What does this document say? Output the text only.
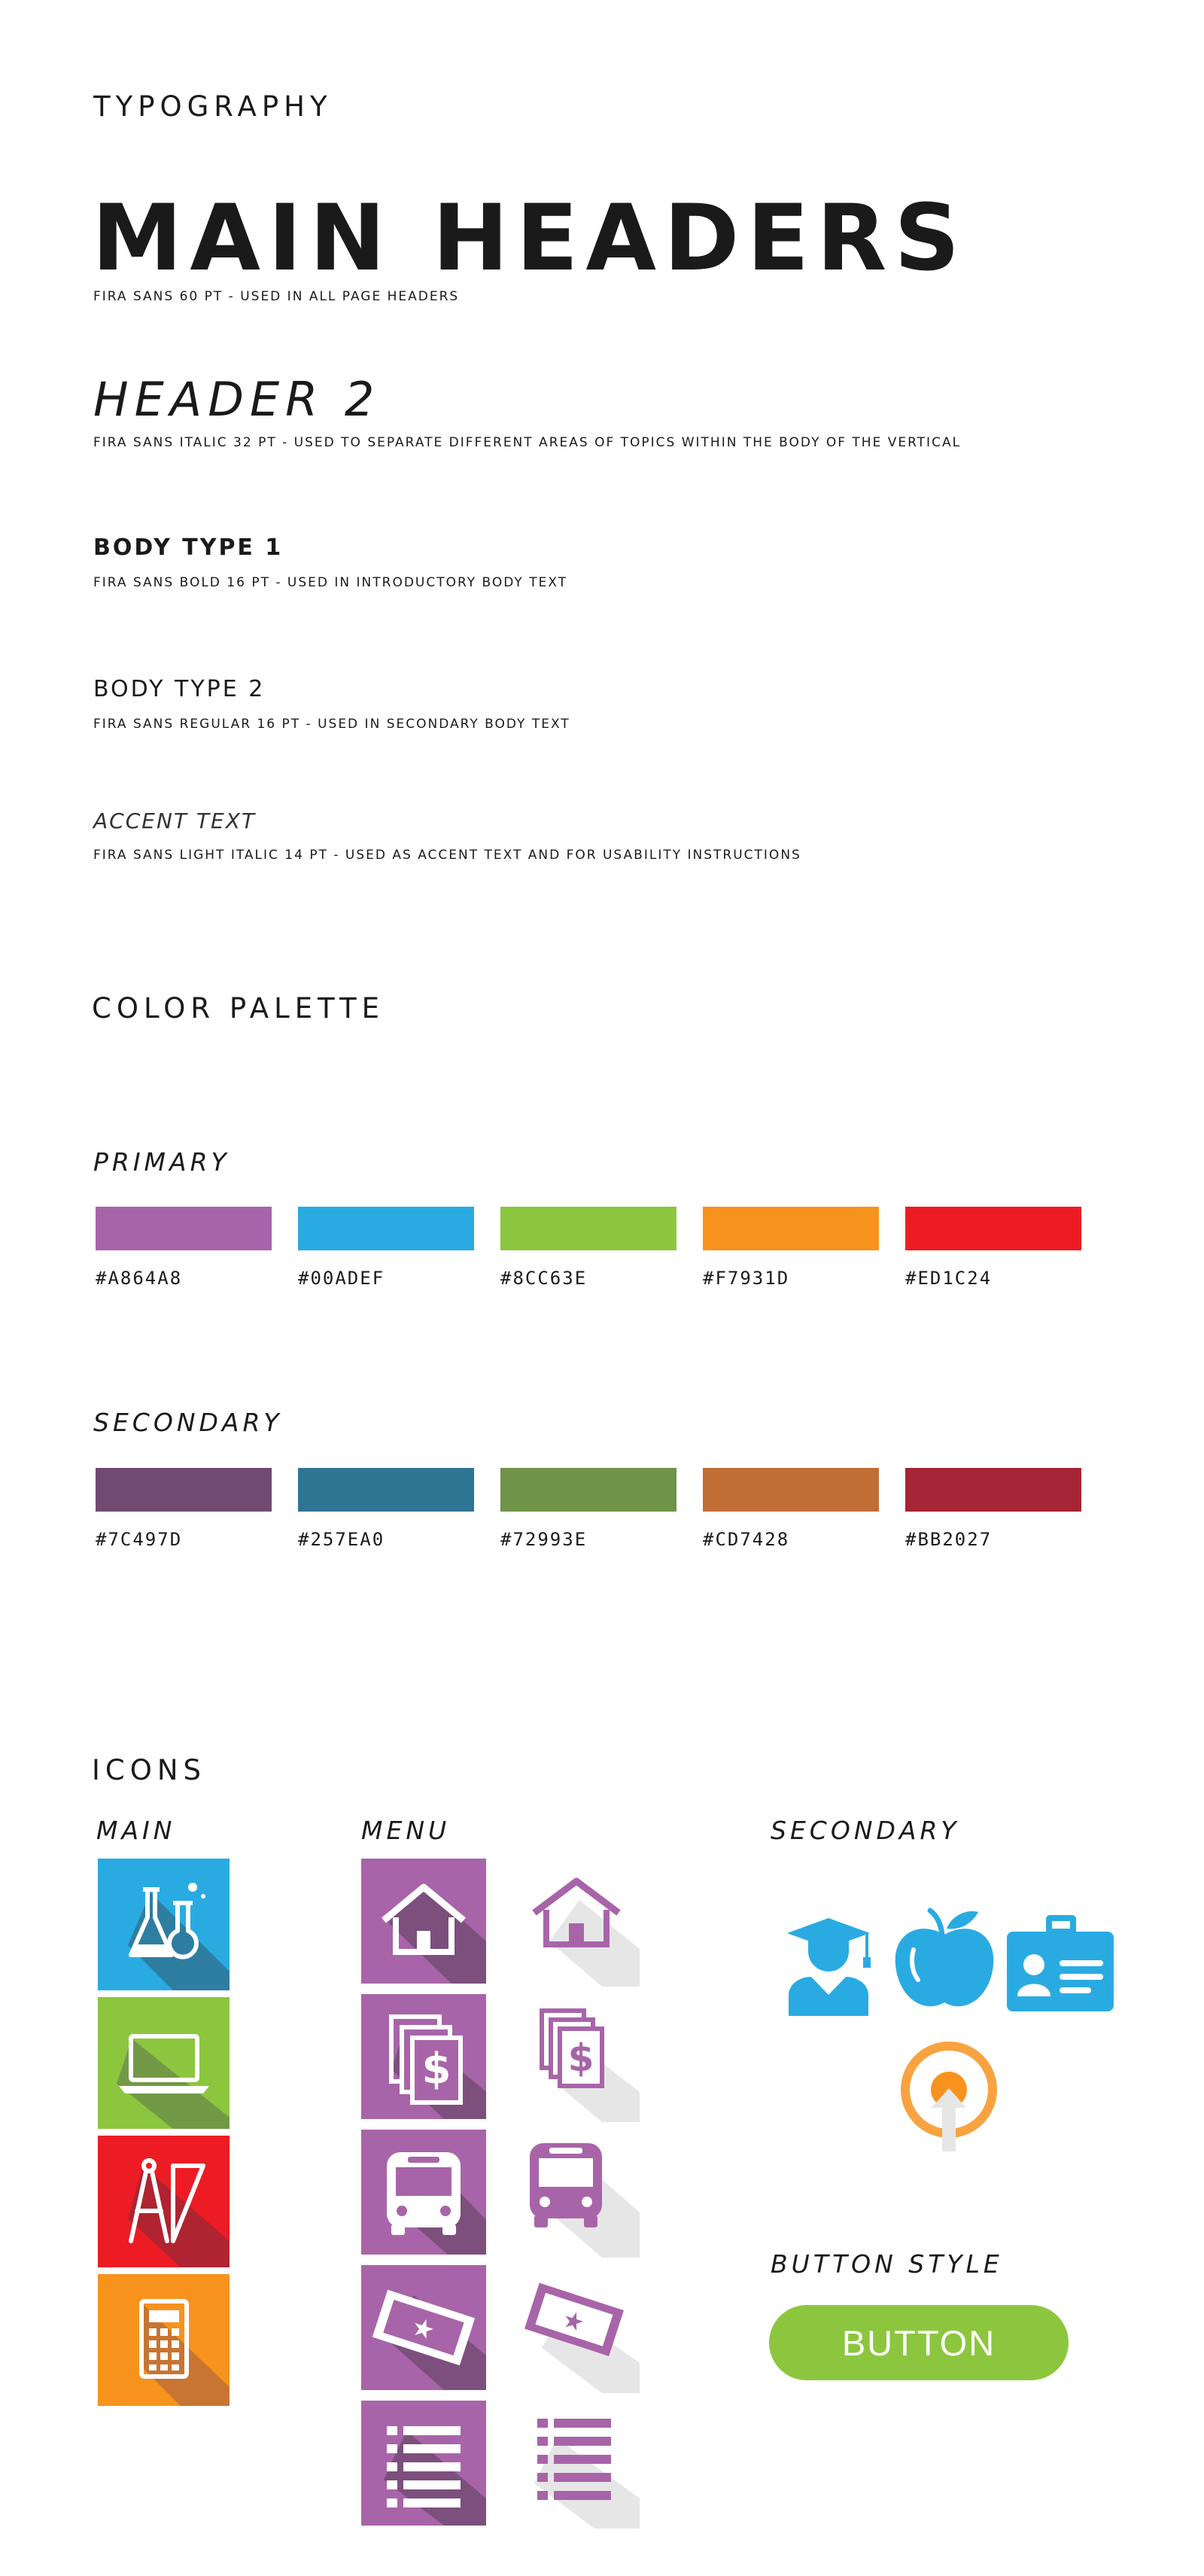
TYPOGRAPHY
MAIN HEADERS
FIRA SANS 60 PT - USED IN ALL PAGE HEADERS
HEADER 2
FIRA SANS ITALIC 32 PT - USED TO SEPARATE DIFFERENT AREAS OF TOPICS WITHIN THE BODY OF THE VERTICAL
BODY TYPE 1
FIRA SANS BOLD 16 PT - USED IN INTRODUCTORY BODY TEXT
BODY TYPE 2
FIRA SANS REGULAR 16 PT - USED IN SECONDARY BODY TEXT
ACCENT TEXT
FIRA SANS LIGHT ITALIC 14 PT - USED AS ACCENT TEXT AND FOR USABILITY INSTRUCTIONS
COLOR PALETTE
PRIMARY
#A864A8	#00ADEF	#8CC63E	#F7931D	#ED1C24
SECONDARY
#7C497D	#257EA0	#72993E	#CD7428	#BB2027
ICONS
MAIN	MENU	SECONDARY
$
★
$
★
BUTTON STYLE
BUTTON
